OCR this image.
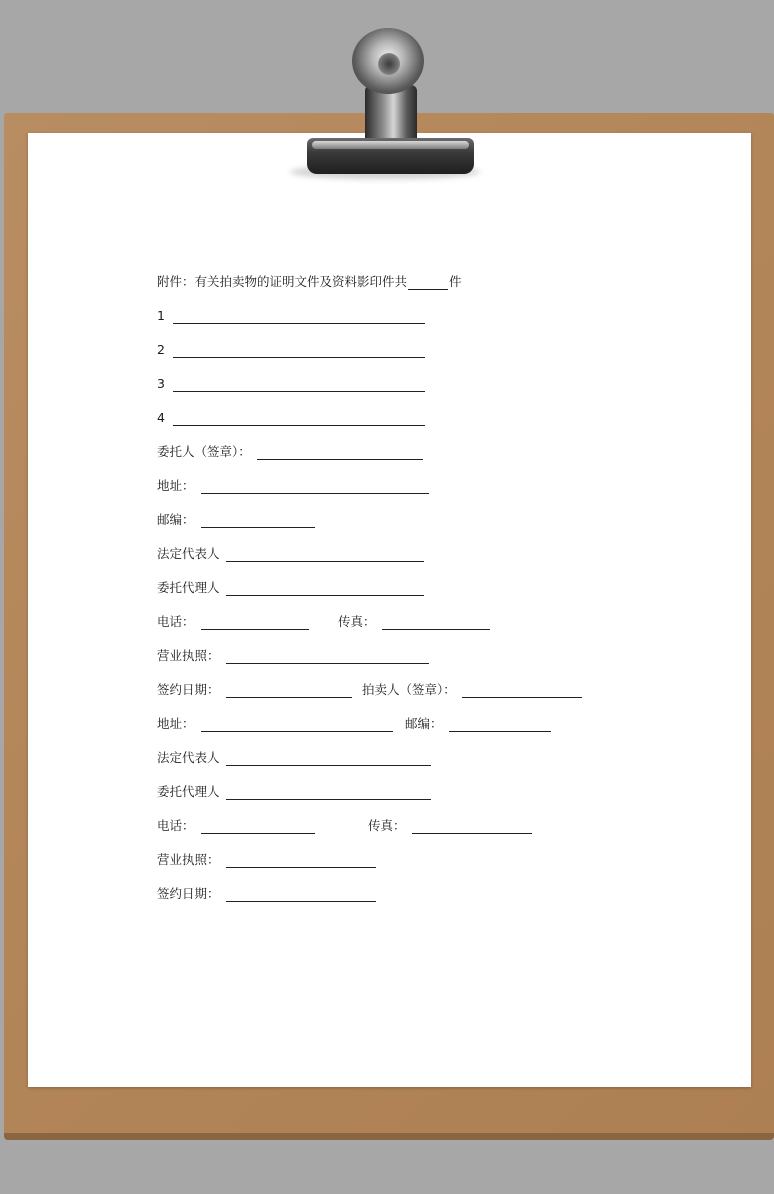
附件：有关拍卖物的证明文件及资料影印件共	件
1
2
3
4
委托人（签章）：
地址：
邮编：
法定代表人
委托代理人
电话：	传真：
营业执照：
签约日期：	拍卖人（签章）：
地址：	邮编：
法定代表人
委托代理人
电话：	传真：
营业执照：
签约日期：
